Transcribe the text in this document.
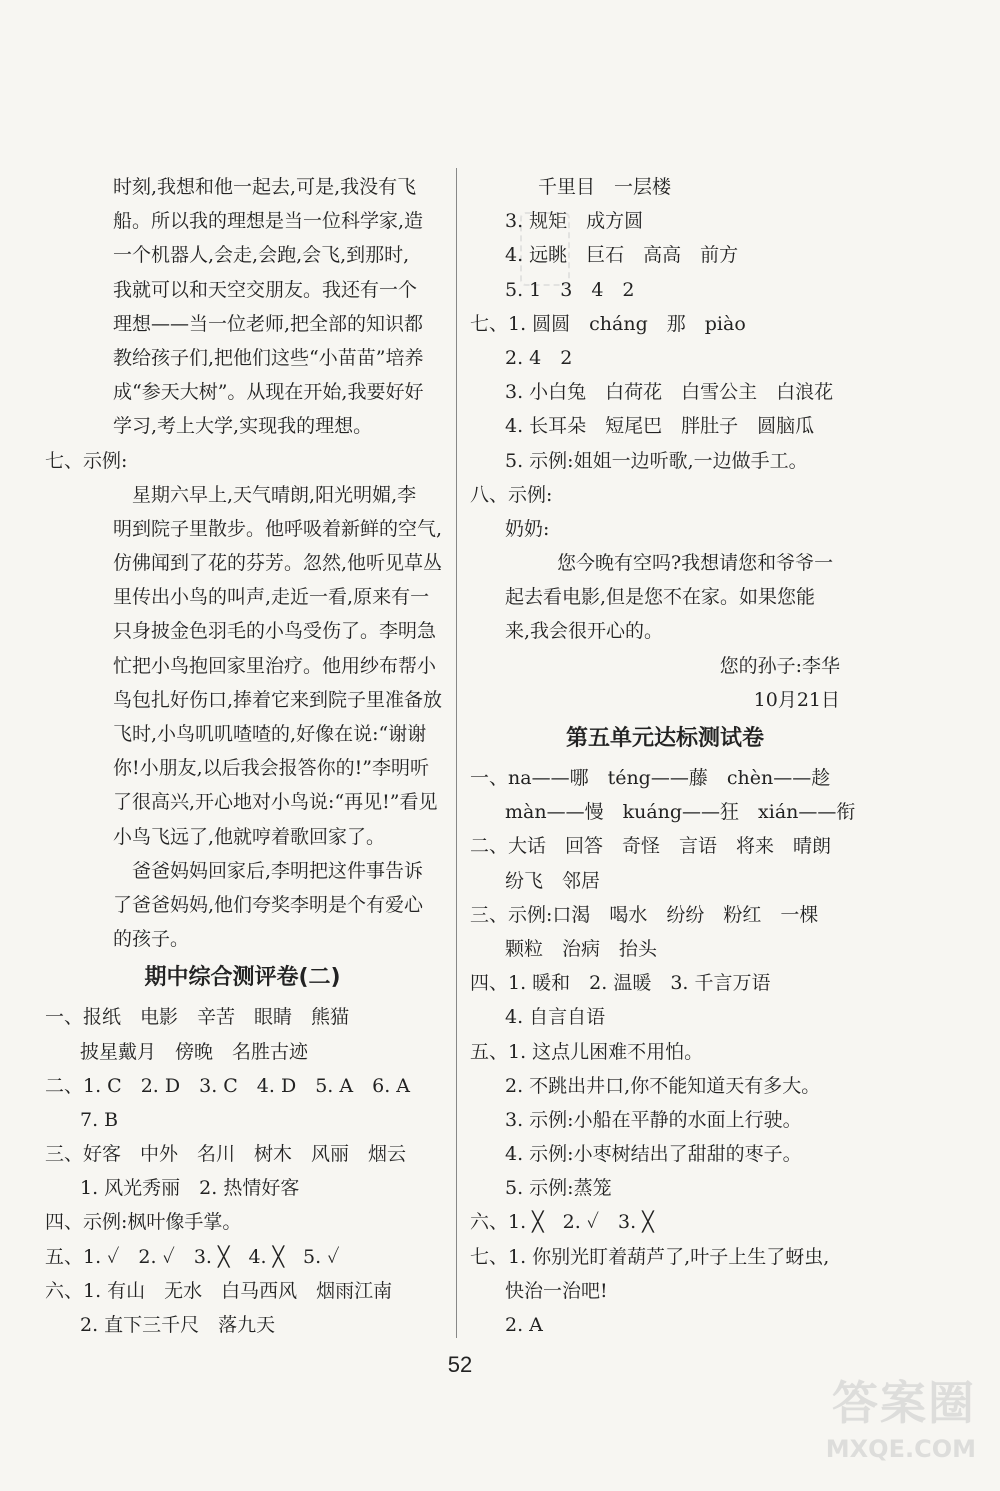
时刻,我想和他一起去,可是,我没有飞
船。所以我的理想是当一位科学家,造
一个机器人,会走,会跑,会飞,到那时,
我就可以和天空交朋友。我还有一个
理想——当一位老师,把全部的知识都
教给孩子们,把他们这些“小苗苗”培养
成“参天大树”。从现在开始,我要好好
学习,考上大学,实现我的理想。
七、示例:
　星期六早上,天气晴朗,阳光明媚,李
明到院子里散步。他呼吸着新鲜的空气,
仿佛闻到了花的芬芳。忽然,他听见草丛
里传出小鸟的叫声,走近一看,原来有一
只身披金色羽毛的小鸟受伤了。李明急
忙把小鸟抱回家里治疗。他用纱布帮小
鸟包扎好伤口,捧着它来到院子里准备放
飞时,小鸟叽叽喳喳的,好像在说:“谢谢
你!小朋友,以后我会报答你的!”李明听
了很高兴,开心地对小鸟说:“再见!”看见
小鸟飞远了,他就哼着歌回家了。
　爸爸妈妈回家后,李明把这件事告诉
了爸爸妈妈,他们夸奖李明是个有爱心
的孩子。
期中综合测评卷(二)
一、报纸　电影　辛苦　眼睛　熊猫
披星戴月　傍晚　名胜古迹
二、1. C　2. D　3. C　4. D　5. A　6. A
7. B
三、好客　中外　名川　树木　风丽　烟云
1. 风光秀丽　2. 热情好客
四、示例:枫叶像手掌。
五、1. ✓　2. ✓　3. ╳　4. ╳　5. ✓
六、1. 有山　无水　白马西风　烟雨江南
2. 直下三千尺　落九天
千里目　一层楼
3. 规矩　成方圆
4. 远眺　巨石　高高　前方
5. 1　3　4　2
七、1. 圆圆　cháng　那　piào
2. 4　2
3. 小白兔　白荷花　白雪公主　白浪花
4. 长耳朵　短尾巴　胖肚子　圆脑瓜
5. 示例:姐姐一边听歌,一边做手工。
八、示例:
奶奶:
　您今晚有空吗?我想请您和爷爷一
起去看电影,但是您不在家。如果您能
来,我会很开心的。
您的孙子:李华
10月21日
第五单元达标测试卷
一、na——哪　téng——藤　chèn——趁
màn——慢　kuáng——狂　xián——衔
二、大话　回答　奇怪　言语　将来　晴朗
纷飞　邻居
三、示例:口渴　喝水　纷纷　粉红　一棵
颗粒　治病　抬头
四、1. 暖和　2. 温暖　3. 千言万语
4. 自言自语
五、1. 这点儿困难不用怕。
2. 不跳出井口,你不能知道天有多大。
3. 示例:小船在平静的水面上行驶。
4. 示例:小枣树结出了甜甜的枣子。
5. 示例:蒸笼
六、1. ╳　2. ✓　3. ╳
七、1. 你别光盯着葫芦了,叶子上生了蚜虫,
快治一治吧!
2. A
52
答案圈
MXQE.COM
